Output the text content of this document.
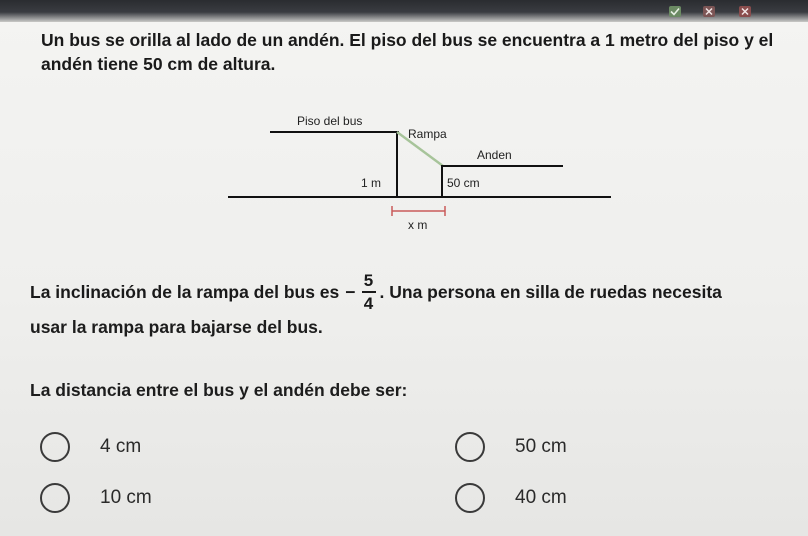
Un bus se orilla al lado de un andén. El piso del bus se encuentra a 1 metro del piso y el andén tiene 50 cm de altura.
Piso del bus
Rampa
Anden
1 m	50 cm
x m
La inclinación de la rampa del bus es − $\frac{5}{4}$ . Una persona en silla de ruedas necesita
usar la rampa para bajarse del bus.
La distancia entre el bus y el andén debe ser:
4 cm	50 cm
10 cm	40 cm
